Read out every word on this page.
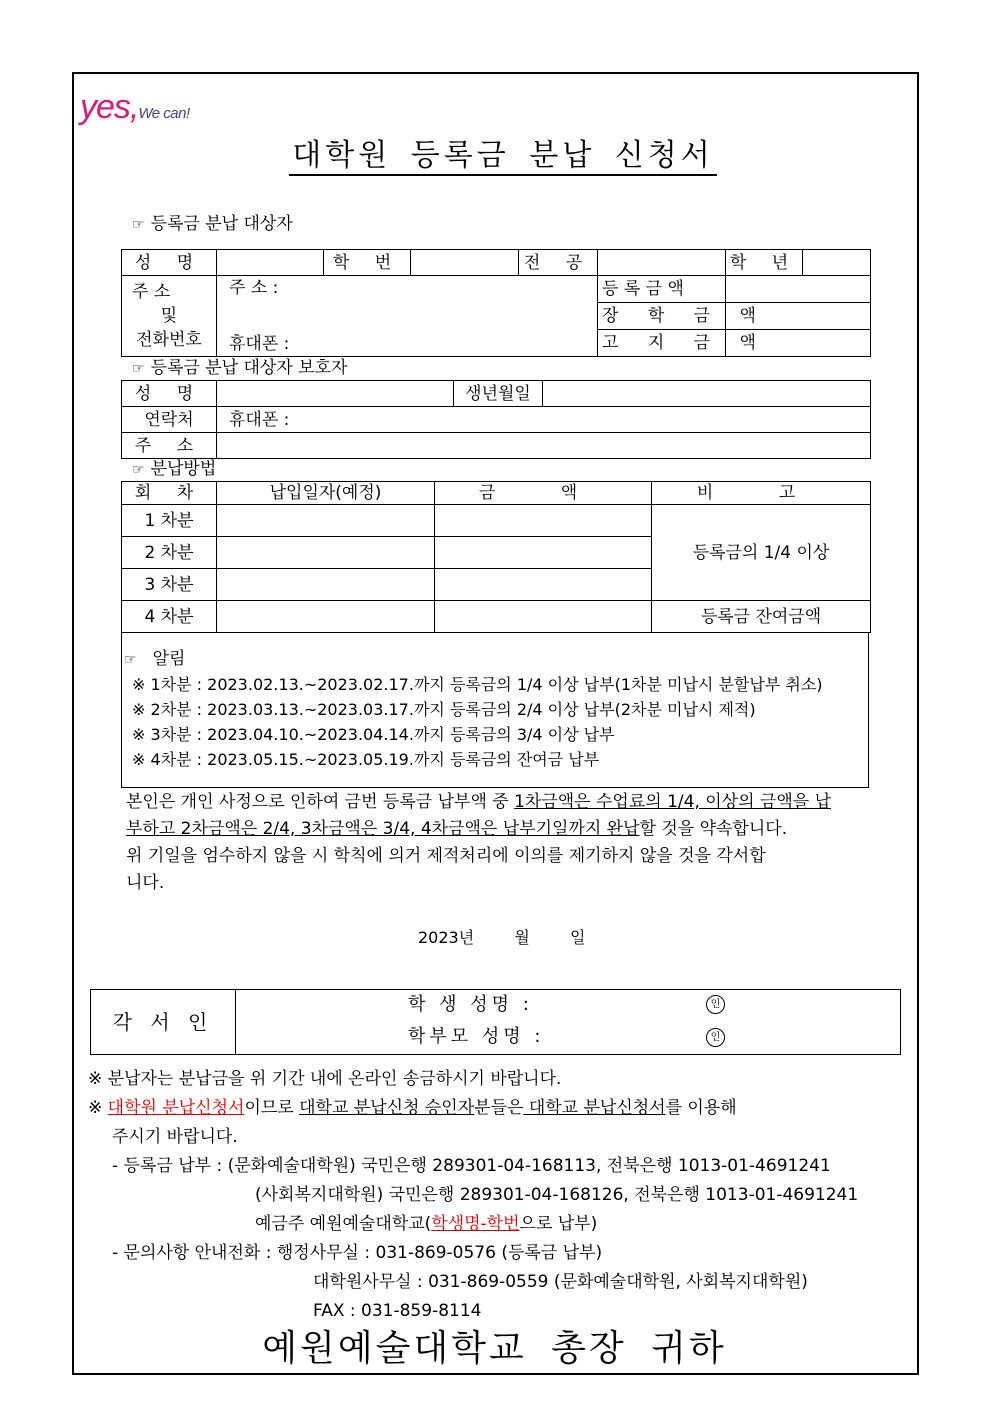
yes,We can!
대학원 등록금 분납 신청서
☞ 등록금 분납 대상자
성 명		학 번		전 공		학 년	

주 소
및
전화번호

주 소 :
휴대폰 :

등 록 금 액

장 학 금 액

고 지 금 액

☞ 등록금 분납 대상자 보호자
성 명		생년월일	
연락처	휴대폰 :
주 소	
☞ 분납방법
회 차	납입일자(예정)	금 액	비 고
1 차분			등록금의 1/4 이상
2 차분		
3 차분		
4 차분			등록금 잔여금액
☞ 알림
※ 1차분 : 2023.02.13.~2023.02.17.까지 등록금의 1/4 이상 납부(1차분 미납시 분할납부 취소)
※ 2차분 : 2023.03.13.~2023.03.17.까지 등록금의 2/4 이상 납부(2차분 미납시 제적)
※ 3차분 : 2023.04.10.~2023.04.14.까지 등록금의 3/4 이상 납부
※ 4차분 : 2023.05.15.~2023.05.19.까지 등록금의 잔여금 납부
본인은 개인 사정으로 인하여 금번 등록금 납부액 중 1차금액은 수업료의 1/4, 이상의 금액을 납
부하고 2차금액은 2/4, 3차금액은 3/4, 4차금액은 납부기일까지 완납할 것을 약속합니다.
위 기일을 엄수하지 않을 시 학칙에 의거 제적처리에 이의를 제기하지 않을 것을 각서합
니다.
2023년	월	일
각 서 인	
학 생 성명 :	인
학부모 성명 :	인
※ 분납자는 분납금을 위 기간 내에 온라인 송금하시기 바랍니다.
※ 대학원 분납신청서이므로 대학교 분납신청 승인자분들은 대학교 분납신청서를 이용해
주시기 바랍니다.
- 등록금 납부 : (문화예술대학원) 국민은행 289301-04-168113, 전북은행 1013-01-4691241
(사회복지대학원) 국민은행 289301-04-168126, 전북은행 1013-01-4691241
예금주 예원예술대학교(학생명-학번으로 납부)
- 문의사항 안내전화 : 행정사무실 : 031-869-0576 (등록금 납부)
대학원사무실 : 031-869-0559 (문화예술대학원, 사회복지대학원)
FAX : 031-859-8114
예원예술대학교 총장 귀하
